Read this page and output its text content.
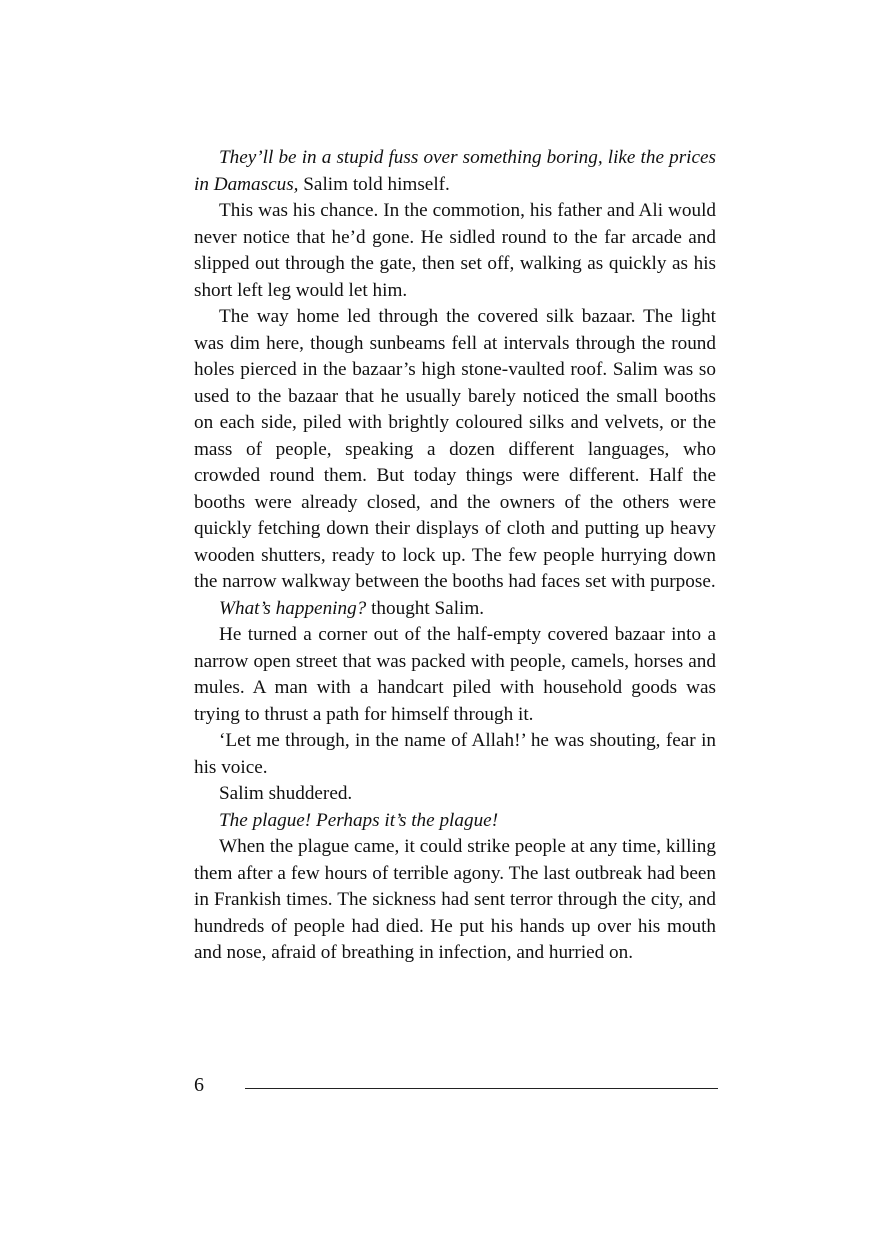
They’ll be in a stupid fuss over something boring, like the prices in Damascus, Salim told himself.

This was his chance. In the commotion, his father and Ali would never notice that he’d gone. He sidled round to the far arcade and slipped out through the gate, then set off, walking as quickly as his short left leg would let him.

The way home led through the covered silk bazaar. The light was dim here, though sunbeams fell at intervals through the round holes pierced in the bazaar’s high stone-vaulted roof. Salim was so used to the bazaar that he usually barely noticed the small booths on each side, piled with brightly coloured silks and velvets, or the mass of people, speaking a dozen different languages, who crowded round them. But today things were different. Half the booths were already closed, and the owners of the others were quickly fetching down their displays of cloth and putting up heavy wooden shutters, ready to lock up. The few people hurrying down the narrow walkway between the booths had faces set with purpose.

What’s happening? thought Salim.

He turned a corner out of the half-empty covered bazaar into a narrow open street that was packed with people, camels, horses and mules. A man with a handcart piled with household goods was trying to thrust a path for himself through it.

‘Let me through, in the name of Allah!’ he was shouting, fear in his voice.

Salim shuddered.

The plague! Perhaps it’s the plague!

When the plague came, it could strike people at any time, killing them after a few hours of terrible agony. The last outbreak had been in Frankish times. The sickness had sent terror through the city, and hundreds of people had died. He put his hands up over his mouth and nose, afraid of breathing in infection, and hurried on.

6
